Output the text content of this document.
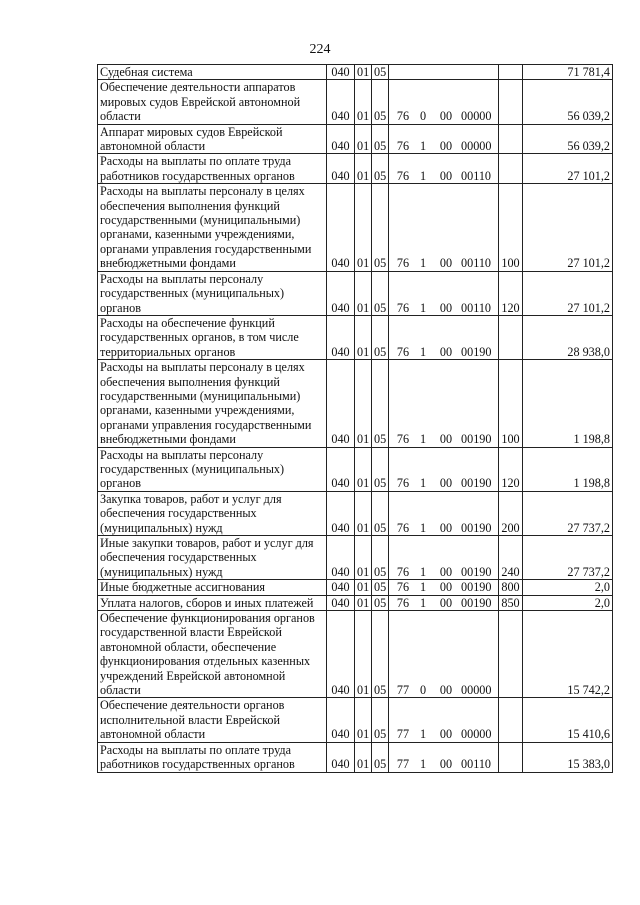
224
Судебная система	040	01	05			71 781,4
Обеспечение деятельности аппаратов мировых судов Еврейской автономной области	040	01	05	76 0 00 00000		56 039,2
Аппарат мировых судов Еврейской автономной области	040	01	05	76 1 00 00000		56 039,2
Расходы на выплаты по оплате труда работников государственных органов	040	01	05	76 1 00 00110		27 101,2
Расходы на выплаты персоналу в целях обеспечения выполнения функций государственными (муниципальными) органами, казенными учреждениями, органами управления государственными внебюджетными фондами	040	01	05	76 1 00 00110	100	27 101,2
Расходы на выплаты персоналу государственных (муниципальных) органов	040	01	05	76 1 00 00110	120	27 101,2
Расходы на обеспечение функций государственных органов, в том числе территориальных органов	040	01	05	76 1 00 00190		28 938,0
Расходы на выплаты персоналу в целях обеспечения выполнения функций государственными (муниципальными) органами, казенными учреждениями, органами управления государственными внебюджетными фондами	040	01	05	76 1 00 00190	100	1 198,8
Расходы на выплаты персоналу государственных (муниципальных) органов	040	01	05	76 1 00 00190	120	1 198,8
Закупка товаров, работ и услуг для обеспечения государственных (муниципальных) нужд	040	01	05	76 1 00 00190	200	27 737,2
Иные закупки товаров, работ и услуг для обеспечения государственных (муниципальных) нужд	040	01	05	76 1 00 00190	240	27 737,2
Иные бюджетные ассигнования	040	01	05	76 1 00 00190	800	2,0
Уплата налогов, сборов и иных платежей	040	01	05	76 1 00 00190	850	2,0
Обеспечение функционирования органов государственной власти Еврейской автономной области, обеспечение функционирования отдельных казенных учреждений Еврейской автономной области	040	01	05	77 0 00 00000		15 742,2
Обеспечение деятельности органов исполнительной власти Еврейской автономной области	040	01	05	77 1 00 00000		15 410,6
Расходы на выплаты по оплате труда работников государственных органов	040	01	05	77 1 00 00110		15 383,0
